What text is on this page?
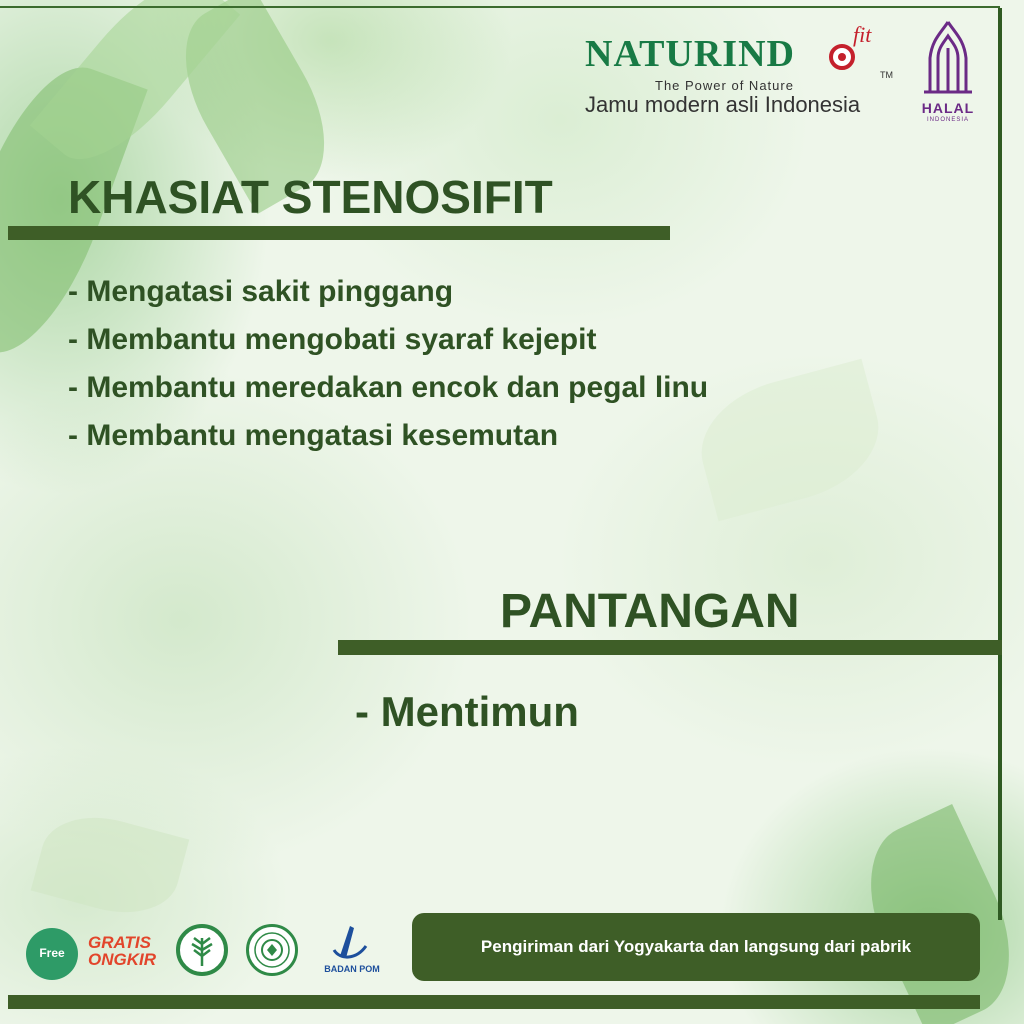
NATURIND	fit
TM
The Power of Nature
Jamu modern asli Indonesia	HALAL
INDONESIA
KHASIAT STENOSIFIT
- Mengatasi sakit pinggang
- Membantu mengobati syaraf kejepit
- Membantu meredakan encok dan pegal linu
- Membantu mengatasi kesemutan
PANTANGAN
- Mentimun
Free
GRATIS
ONGKIR	BADAN POM
Pengiriman dari Yogyakarta dan langsung dari pabrik
